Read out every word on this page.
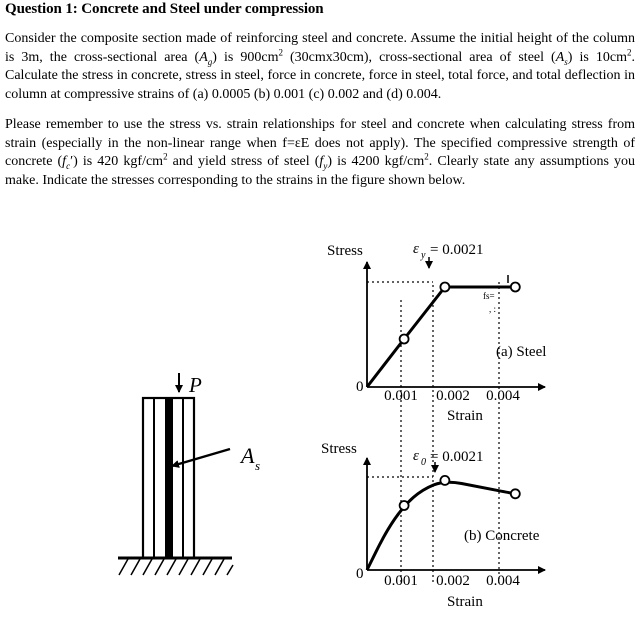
Question 1: Concrete and Steel under compression
Consider the composite section made of reinforcing steel and concrete. Assume the initial height of the column is 3m, the cross-sectional area $(A_g)$ is $900cm^2$ (30cmx30cm), cross-sectional area of steel $(A_s)$ is $10cm^2$. Calculate the stress in concrete, stress in steel, force in concrete, force in steel, total force, and total deflection in column at compressive strains of (a) 0.0005 (b) 0.001 (c) 0.002 and (d) 0.004.
Please remember to use the stress vs. strain relationships for steel and concrete when calculating stress from strain (especially in the non-linear range when f=εE does not apply). The specified compressive strength of concrete $(f_c')$ is 420 kgf/$cm^2$ and yield stress of steel $(f_y)$ is 4200 kgf/$cm^2$. Clearly state any assumptions you make. Indicate the stresses corresponding to the strains in the figure shown below.
P
A s
Stress	ε y = 0.0021
fs=
, :
(a) Steel
0
0.001 0.002 0.004
Strain
Stress	ε 0 = 0.0021
(b) Concrete
0 0.001 0.002 0.004
Strain
